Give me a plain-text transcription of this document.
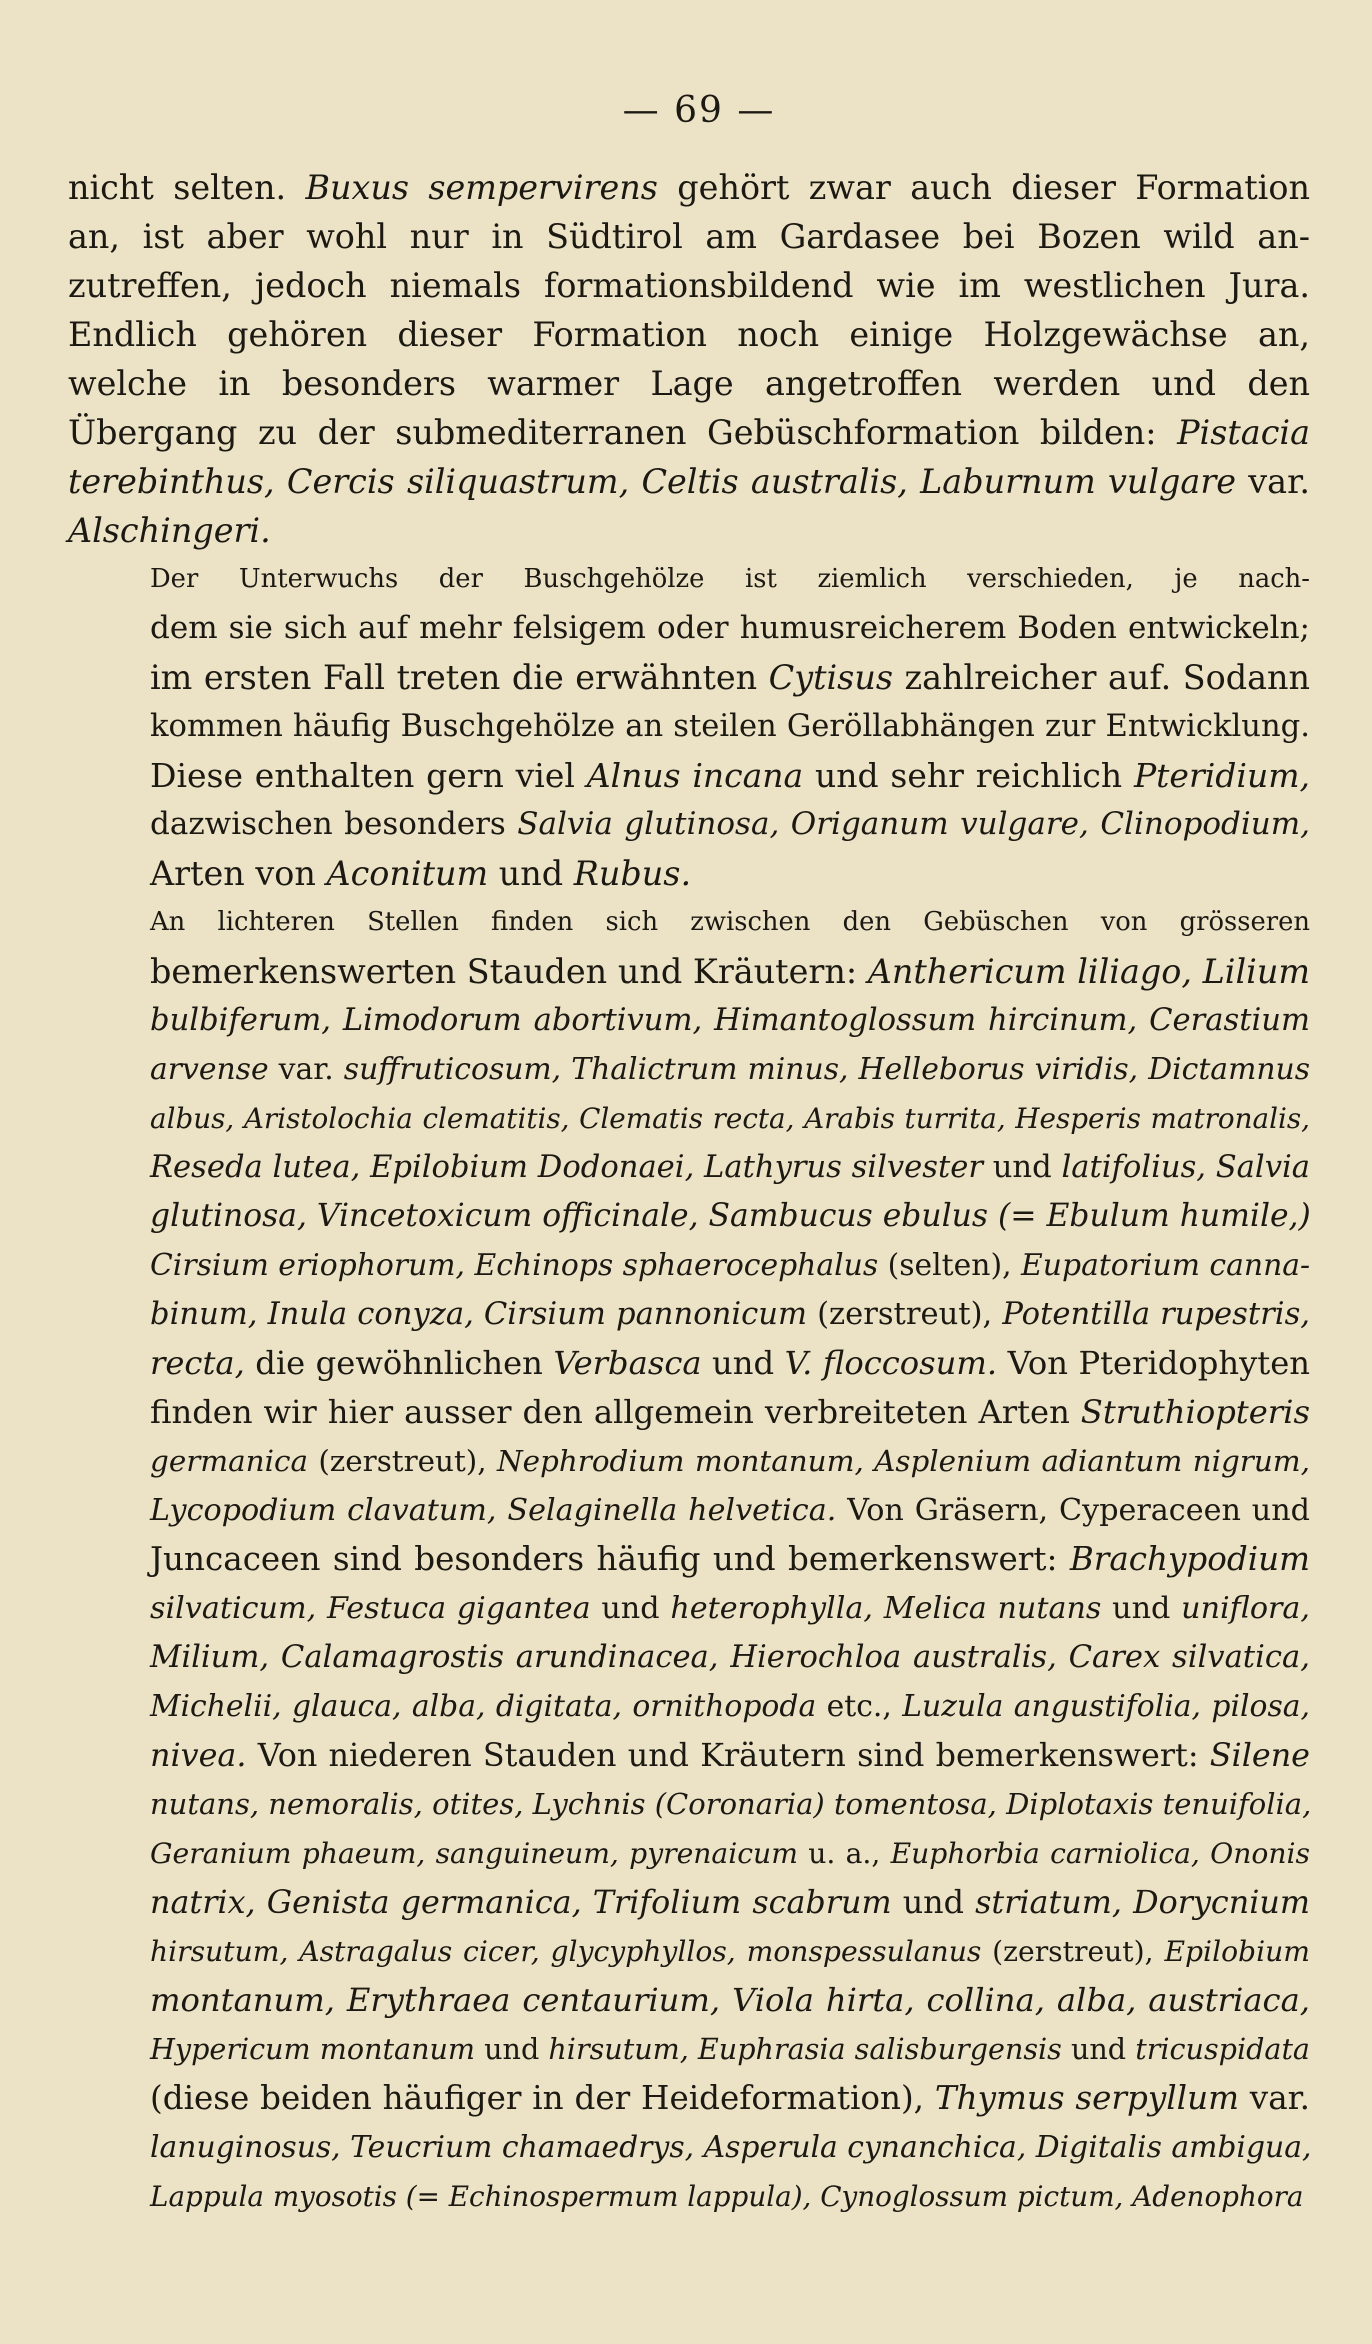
— 69 —

nicht selten. Buxus sempervirens gehört zwar auch dieser Formation
an, ist aber wohl nur in Südtirol am Gardasee bei Bozen wild an-
zutreffen, jedoch niemals formationsbildend wie im westlichen Jura.
Endlich gehören dieser Formation noch einige Holzgewächse an,
welche in besonders warmer Lage angetroffen werden und den
Übergang zu der submediterranen Gebüschformation bilden: Pistacia
terebinthus, Cercis siliquastrum, Celtis australis, Laburnum vulgare var.
Alschingeri.

Der Unterwuchs der Buschgehölze ist ziemlich verschieden, je nach-
dem sie sich auf mehr felsigem oder humusreicherem Boden entwickeln;
im ersten Fall treten die erwähnten Cytisus zahlreicher auf. Sodann
kommen häufig Buschgehölze an steilen Geröllabhängen zur Entwicklung.
Diese enthalten gern viel Alnus incana und sehr reichlich Pteridium,
dazwischen besonders Salvia glutinosa, Origanum vulgare, Clinopodium,
Arten von Aconitum und Rubus.

An lichteren Stellen finden sich zwischen den Gebüschen von grösseren
bemerkenswerten Stauden und Kräutern: Anthericum liliago, Lilium
bulbiferum, Limodorum abortivum, Himantoglossum hircinum, Cerastium
arvense var. suffruticosum, Thalictrum minus, Helleborus viridis, Dictamnus
albus, Aristolochia clematitis, Clematis recta, Arabis turrita, Hesperis matronalis,
Reseda lutea, Epilobium Dodonaei, Lathyrus silvester und latifolius, Salvia
glutinosa, Vincetoxicum officinale, Sambucus ebulus (= Ebulum humile,)
Cirsium eriophorum, Echinops sphaerocephalus (selten), Eupatorium canna-
binum, Inula conyza, Cirsium pannonicum (zerstreut), Potentilla rupestris,
recta, die gewöhnlichen Verbasca und V. floccosum. Von Pteridophyten
finden wir hier ausser den allgemein verbreiteten Arten Struthiopteris
germanica (zerstreut), Nephrodium montanum, Asplenium adiantum nigrum,
Lycopodium clavatum, Selaginella helvetica. Von Gräsern, Cyperaceen und
Juncaceen sind besonders häufig und bemerkenswert: Brachypodium
silvaticum, Festuca gigantea und heterophylla, Melica nutans und uniflora,
Milium, Calamagrostis arundinacea, Hierochloa australis, Carex silvatica,
Michelii, glauca, alba, digitata, ornithopoda etc., Luzula angustifolia, pilosa,
nivea. Von niederen Stauden und Kräutern sind bemerkenswert: Silene
nutans, nemoralis, otites, Lychnis (Coronaria) tomentosa, Diplotaxis tenuifolia,
Geranium phaeum, sanguineum, pyrenaicum u. a., Euphorbia carniolica, Ononis
natrix, Genista germanica, Trifolium scabrum und striatum, Dorycnium
hirsutum, Astragalus cicer, glycyphyllos, monspessulanus (zerstreut), Epilobium
montanum, Erythraea centaurium, Viola hirta, collina, alba, austriaca,
Hypericum montanum und hirsutum, Euphrasia salisburgensis und tricuspidata
(diese beiden häufiger in der Heideformation), Thymus serpyllum var.
lanuginosus, Teucrium chamaedrys, Asperula cynanchica, Digitalis ambigua,
Lappula myosotis (= Echinospermum lappula), Cynoglossum pictum, Adenophora
